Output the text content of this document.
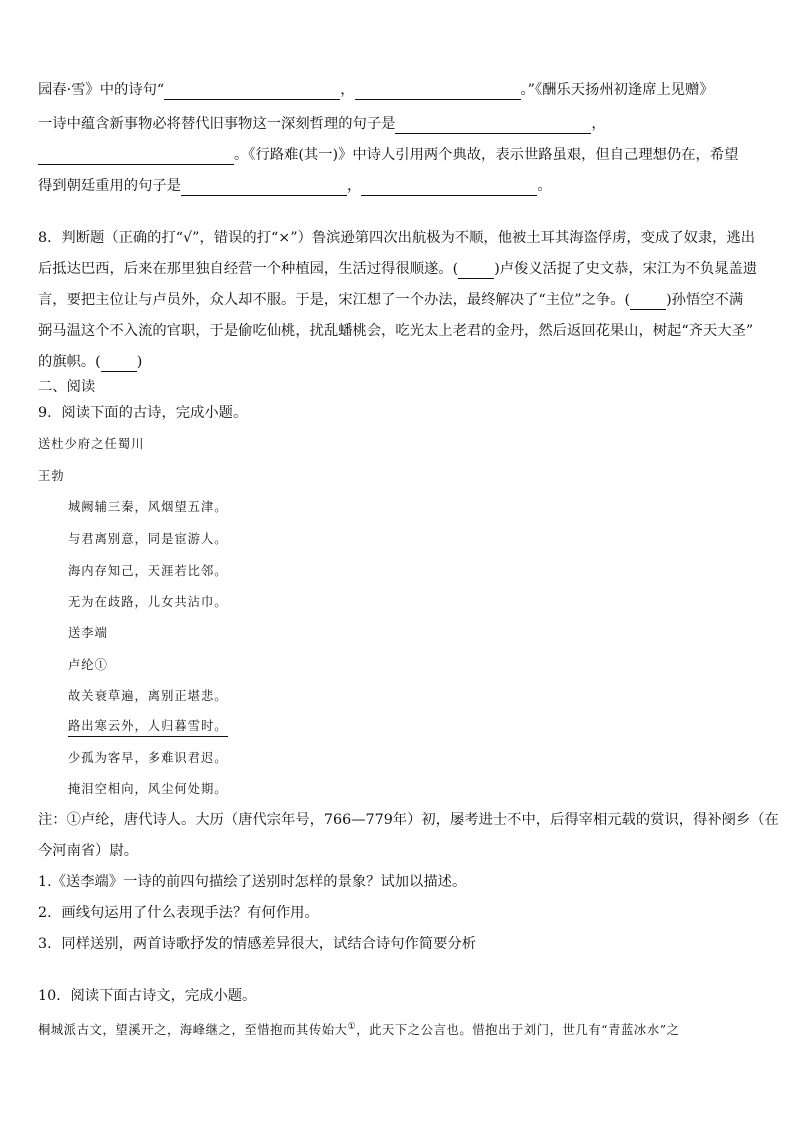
园春·雪》中的诗句“	，	。”《酬乐天扬州初逢席上见赠》
一诗中蕴含新事物必将替代旧事物这一深刻哲理的句子是	，
。《行路难(其一)》中诗人引用两个典故，表示世路虽艰，但自己理想仍在，希望
得到朝廷重用的句子是	，	。
8．判断题（正确的打“√”，错误的打“×”）鲁滨逊第四次出航极为不顺，他被土耳其海盗俘虏，变成了奴隶，逃出
后抵达巴西，后来在那里独自经营一个种植园，生活过得很顺遂。(	)卢俊义活捉了史文恭，宋江为不负晁盖遗
言，要把主位让与卢员外，众人却不服。于是，宋江想了一个办法，最终解决了“主位”之争。(	)孙悟空不满
弼马温这个不入流的官职，于是偷吃仙桃，扰乱蟠桃会，吃光太上老君的金丹，然后返回花果山，树起“齐天大圣”
的旗帜。(	)
二、阅读
9．阅读下面的古诗，完成小题。
送杜少府之任蜀川
王勃
城阙辅三秦，风烟望五津。
与君离别意，同是宦游人。
海内存知己，天涯若比邻。
无为在歧路，儿女共沾巾。
送李端
卢纶①
故关衰草遍，离别正堪悲。
路出寒云外，人归暮雪时。
少孤为客早，多难识君迟。
掩泪空相向，风尘何处期。
注：①卢纶，唐代诗人。大历（唐代宗年号，766—779年）初，屡考进士不中，后得宰相元载的赏识，得补阌乡（在
今河南省）尉。
1.《送李端》一诗的前四句描绘了送别时怎样的景象？试加以描述。
2．画线句运用了什么表现手法？有何作用。
3．同样送别，两首诗歌抒发的情感差异很大，试结合诗句作简要分析
10．阅读下面古诗文，完成小题。
桐城派古文，望溪开之，海峰继之，至惜抱而其传始大①，此天下之公言也。惜抱出于刘门，世几有“青蓝冰水”之
